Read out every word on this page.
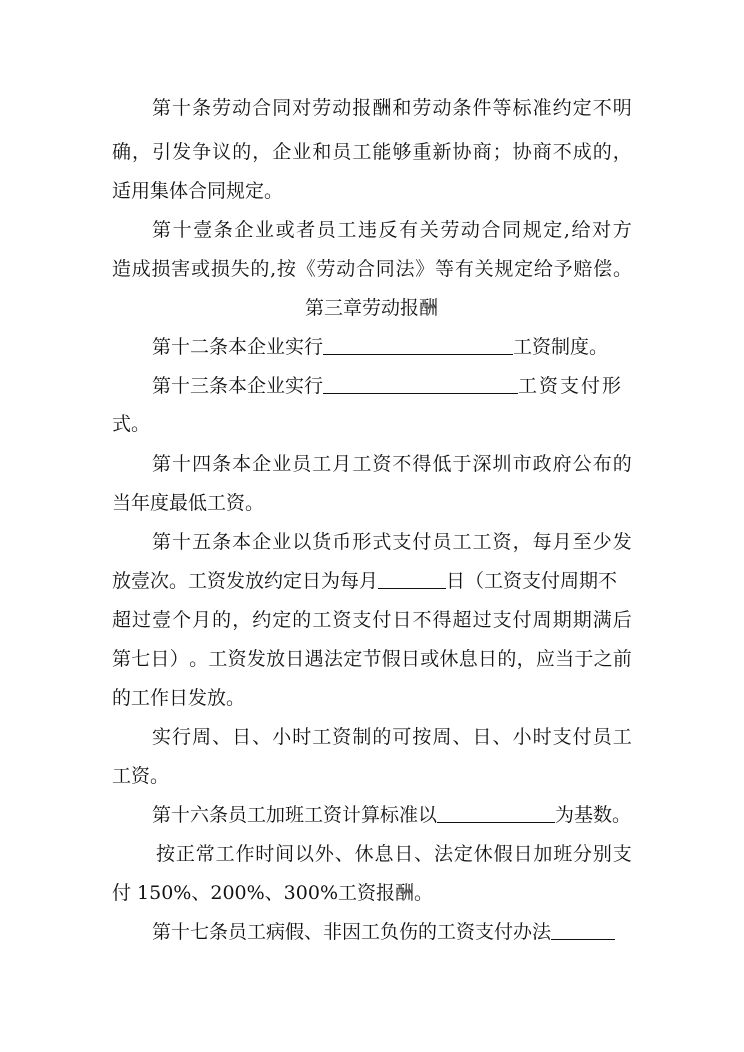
第 十 条 劳 动 合 同 对 劳 动 报 酬 和 劳 动 条 件 等 标 准 约 定 不 明
确 ， 引 发 争 议 的 ， 企 业 和 员 工 能 够 重 新 协 商 ； 协 商 不 成 的 ，
适用集体合同规定。
第 十 壹 条 企 业 或 者 员 工 违 反 有 关 劳 动 合 同 规 定 , 给 对 方
造 成 损 害 或 损 失 的 , 按 《 劳 动 合 同 法 》 等 有 关 规 定 给 予 赔 偿 。
第三章劳动报酬
第十二条本企业实行	工资制度。
第十三条本企业实行	工资支付形
式。
第 十 四 条 本 企 业 员 工 月 工 资 不 得 低 于 深 圳 市 政 府 公 布 的
当年度最低工资。
第 十 五 条 本 企 业 以 货 币 形 式 支 付 员 工 工 资 ， 每 月 至 少 发
放壹次。工资发放约定日为每月	日（工资支付周期不
超 过 壹 个 月 的 ， 约 定 的 工 资 支 付 日 不 得 超 过 支 付 周 期 期 满 后
第 七 日 ） 。 工 资 发 放 日 遇 法 定 节 假 日 或 休 息 日 的 ， 应 当 于 之 前
的工作日发放。
实 行 周 、 日 、 小 时 工 资 制 的 可 按 周 、 日 、 小 时 支 付 员 工
工资。
第十六条员工加班工资计算标准以	为基数。
按 正 常 工 作 时 间 以 外 、 休 息 日 、 法 定 休 假 日 加 班 分 别 支
付 150%、200%、300%工资报酬。
第十七条员工病假、非因工负伤的工资支付办法
